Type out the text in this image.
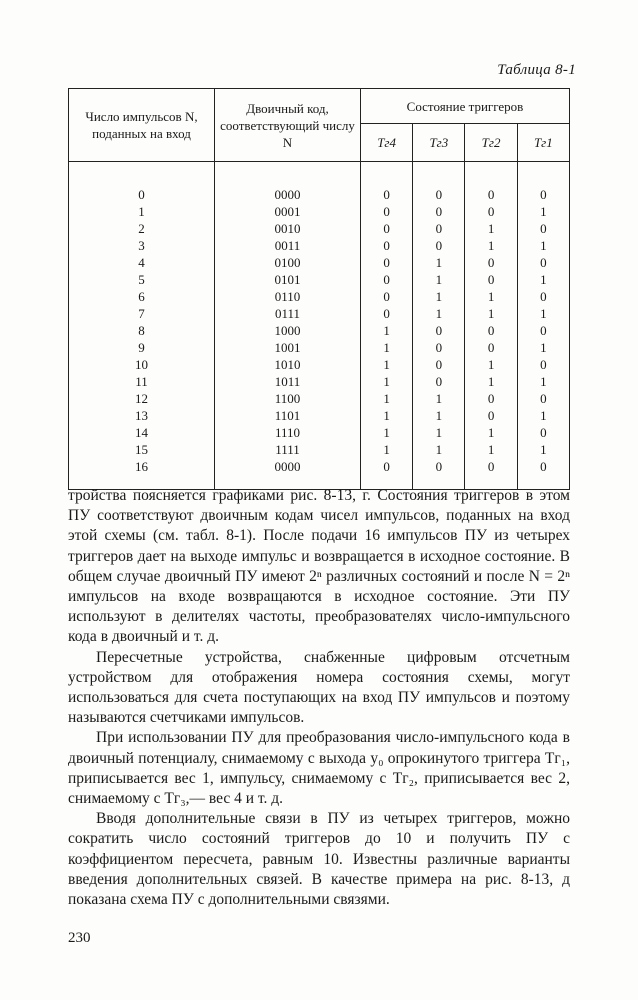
Таблица 8-1
Число импульсов N, поданных на вход	Двоичный код, соответствующий числу N	Состояние триггеров			
		Tг4	Tг3	Tг2	Tг1

0	0000	0	0	0	0
1	0001	0	0	0	1
2	0010	0	0	1	0
3	0011	0	0	1	1
4	0100	0	1	0	0
5	0101	0	1	0	1
6	0110	0	1	1	0
7	0111	0	1	1	1
8	1000	1	0	0	0
9	1001	1	0	0	1
10	1010	1	0	1	0
11	1011	1	0	1	1
12	1100	1	1	0	0
13	1101	1	1	0	1
14	1110	1	1	1	0
15	1111	1	1	1	1
16	0000	0	0	0	0

тройства поясняется графиками рис. 8-13, г. Состояния триггеров в этом ПУ соответствуют двоичным кодам чисел импульсов, поданных на вход этой схемы (см. табл. 8-1). После подачи 16 импульсов ПУ из четырех триггеров дает на выходе импульс и возвращается в исходное состояние. В общем случае двоичный ПУ имеют 2ⁿ различных состояний и после N = 2ⁿ импульсов на входе возвращаются в исходное состояние. Эти ПУ используют в делителях частоты, преобразователях число-импульсного кода в двоичный и т. д.

Пересчетные устройства, снабженные цифровым отсчетным устройством для отображения номера состояния схемы, могут использоваться для счета поступающих на вход ПУ импульсов и поэтому называются счетчиками импульсов.

При использовании ПУ для преобразования число-импульсного кода в двоичный потенциалу, снимаемому с выхода y₀ опрокинутого триггера Tг₁, приписывается вес 1, импульсу, снимаемому с Tг₂, приписывается вес 2, снимаемому с Tг₃,— вес 4 и т. д.

Вводя дополнительные связи в ПУ из четырех триггеров, можно сократить число состояний триггеров до 10 и получить ПУ с коэффициентом пересчета, равным 10. Известны различные варианты введения дополнительных связей. В качестве примера на рис. 8-13, д показана схема ПУ с дополнительными связями.

230
